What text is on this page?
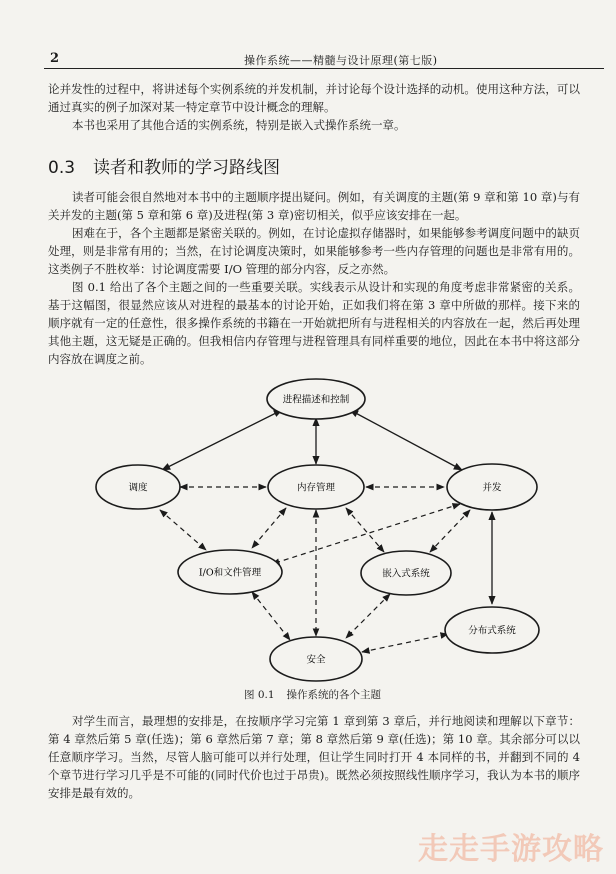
2	操作系统——精髓与设计原理(第七版)

论并发性的过程中，将讲述每个实例系统的并发机制，并讨论每个设计选择的动机。使用这种方法，可以通过真实的例子加深对某一特定章节中设计概念的理解。

本书也采用了其他合适的实例系统，特别是嵌入式操作系统一章。

0.3 读者和教师的学习路线图

读者可能会很自然地对本书中的主题顺序提出疑问。例如，有关调度的主题(第 9 章和第 10 章)与有关并发的主题(第 5 章和第 6 章)及进程(第 3 章)密切相关，似乎应该安排在一起。

困难在于，各个主题都是紧密关联的。例如，在讨论虚拟存储器时，如果能够参考调度问题中的缺页处理，则是非常有用的；当然，在讨论调度决策时，如果能够参考一些内存管理的问题也是非常有用的。这类例子不胜枚举：讨论调度需要 I/O 管理的部分内容，反之亦然。

图 0.1 给出了各个主题之间的一些重要关联。实线表示从设计和实现的角度考虑非常紧密的关系。基于这幅图，很显然应该从对进程的最基本的讨论开始，正如我们将在第 3 章中所做的那样。接下来的顺序就有一定的任意性，很多操作系统的书籍在一开始就把所有与进程相关的内容放在一起，然后再处理其他主题，这无疑是正确的。但我相信内存管理与进程管理具有同样重要的地位，因此在本书中将这部分内容放在调度之前。

进程描述和控制
调度	内存管理	并发
I/O和文件管理	嵌入式系统
分布式系统
安全
图 0.1 操作系统的各个主题

对学生而言，最理想的安排是，在按顺序学习完第 1 章到第 3 章后，并行地阅读和理解以下章节：第 4 章然后第 5 章(任选)；第 6 章然后第 7 章；第 8 章然后第 9 章(任选)；第 10 章。其余部分可以以任意顺序学习。当然，尽管人脑可能可以并行处理，但让学生同时打开 4 本同样的书，并翻到不同的 4 个章节进行学习几乎是不可能的(同时代价也过于昂贵)。既然必须按照线性顺序学习，我认为本书的顺序安排是最有效的。

走走手游攻略
